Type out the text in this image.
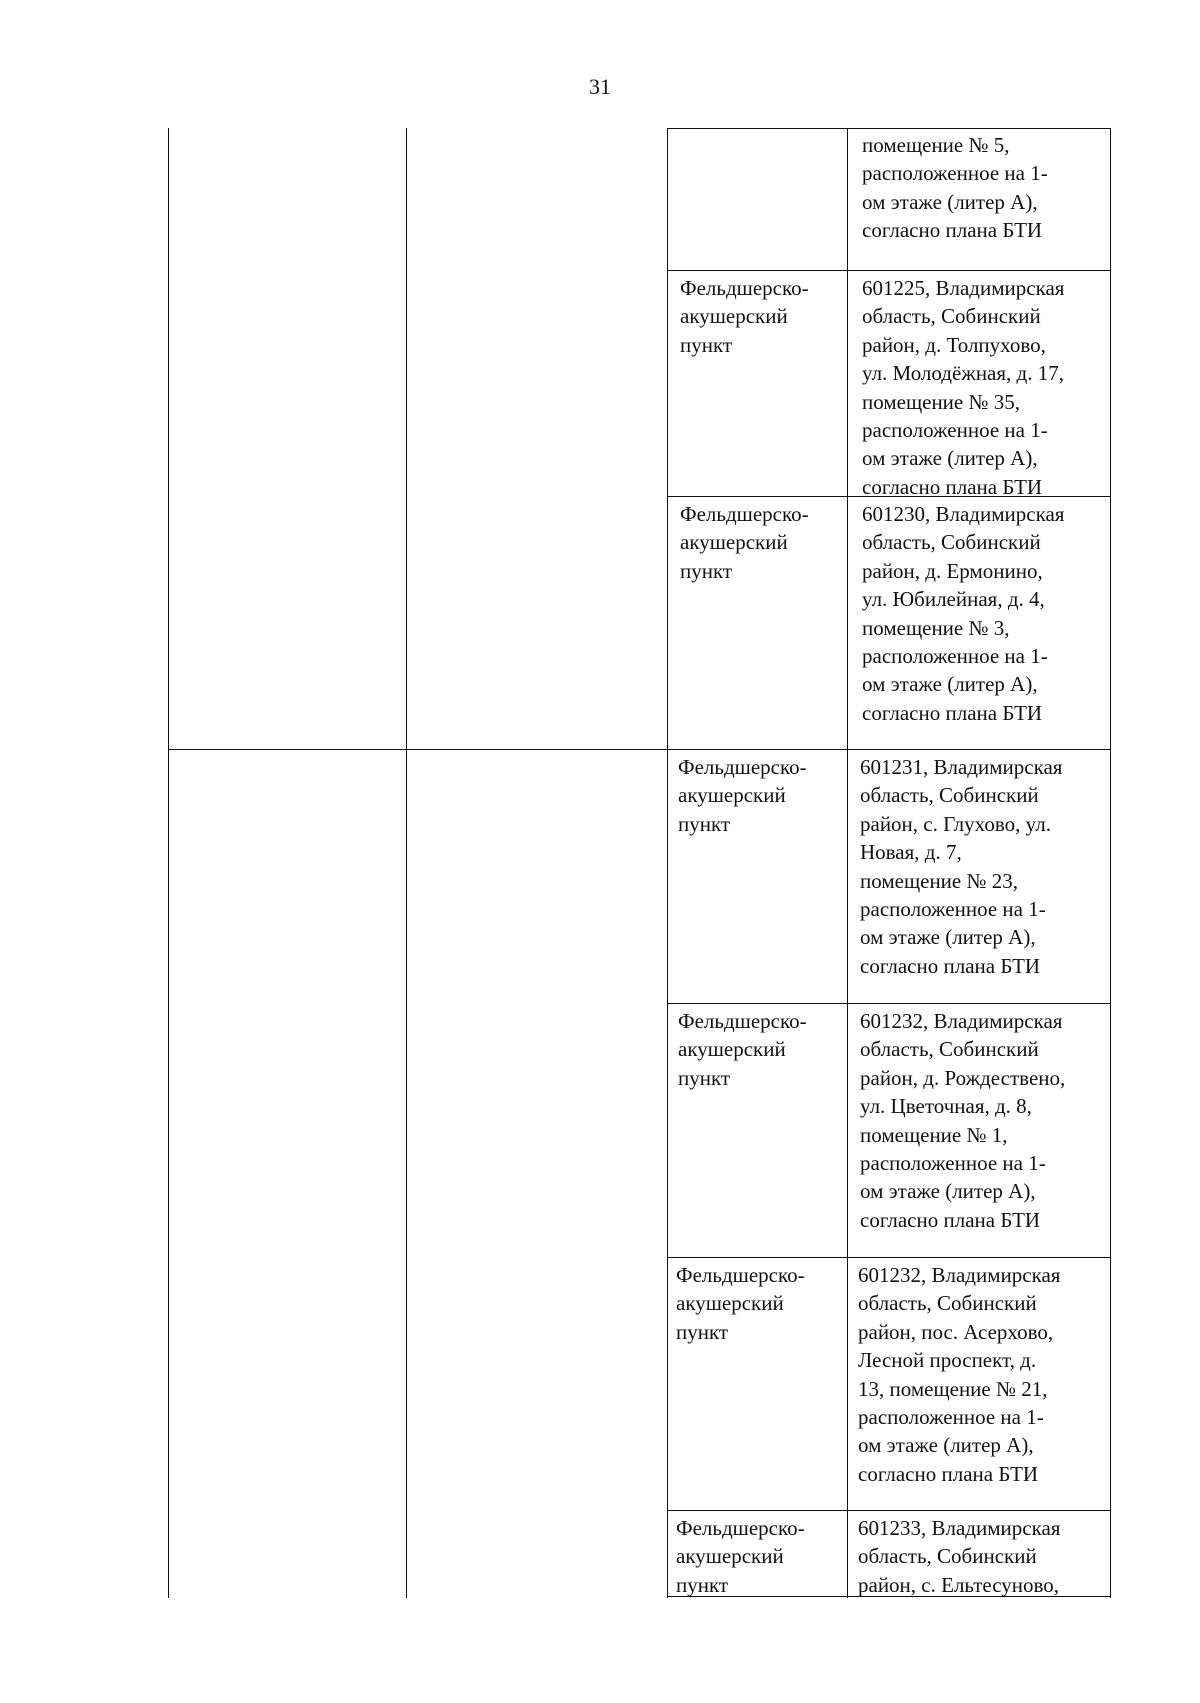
31
помещение № 5,
расположенное на 1-
ом этаже (литер А),
согласно плана БТИ
Фельдшерско-
акушерский
пункт
601225, Владимирская
область, Собинский
район, д. Толпухово,
ул. Молодёжная, д. 17,
помещение № 35,
расположенное на 1-
ом этаже (литер А),
согласно плана БТИ
Фельдшерско-
акушерский
пункт
601230, Владимирская
область, Собинский
район, д. Ермонино,
ул. Юбилейная, д. 4,
помещение № 3,
расположенное на 1-
ом этаже (литер А),
согласно плана БТИ
Фельдшерско-
акушерский
пункт
601231, Владимирская
область, Собинский
район, с. Глухово, ул.
Новая, д. 7,
помещение № 23,
расположенное на 1-
ом этаже (литер А),
согласно плана БТИ
Фельдшерско-
акушерский
пункт
601232, Владимирская
область, Собинский
район, д. Рождествено,
ул. Цветочная, д. 8,
помещение № 1,
расположенное на 1-
ом этаже (литер А),
согласно плана БТИ
Фельдшерско-
акушерский
пункт
601232, Владимирская
область, Собинский
район, пос. Асерхово,
Лесной проспект, д.
13, помещение № 21,
расположенное на 1-
ом этаже (литер А),
согласно плана БТИ
Фельдшерско-
акушерский
пункт
601233, Владимирская
область, Собинский
район, с. Ельтесуново,
